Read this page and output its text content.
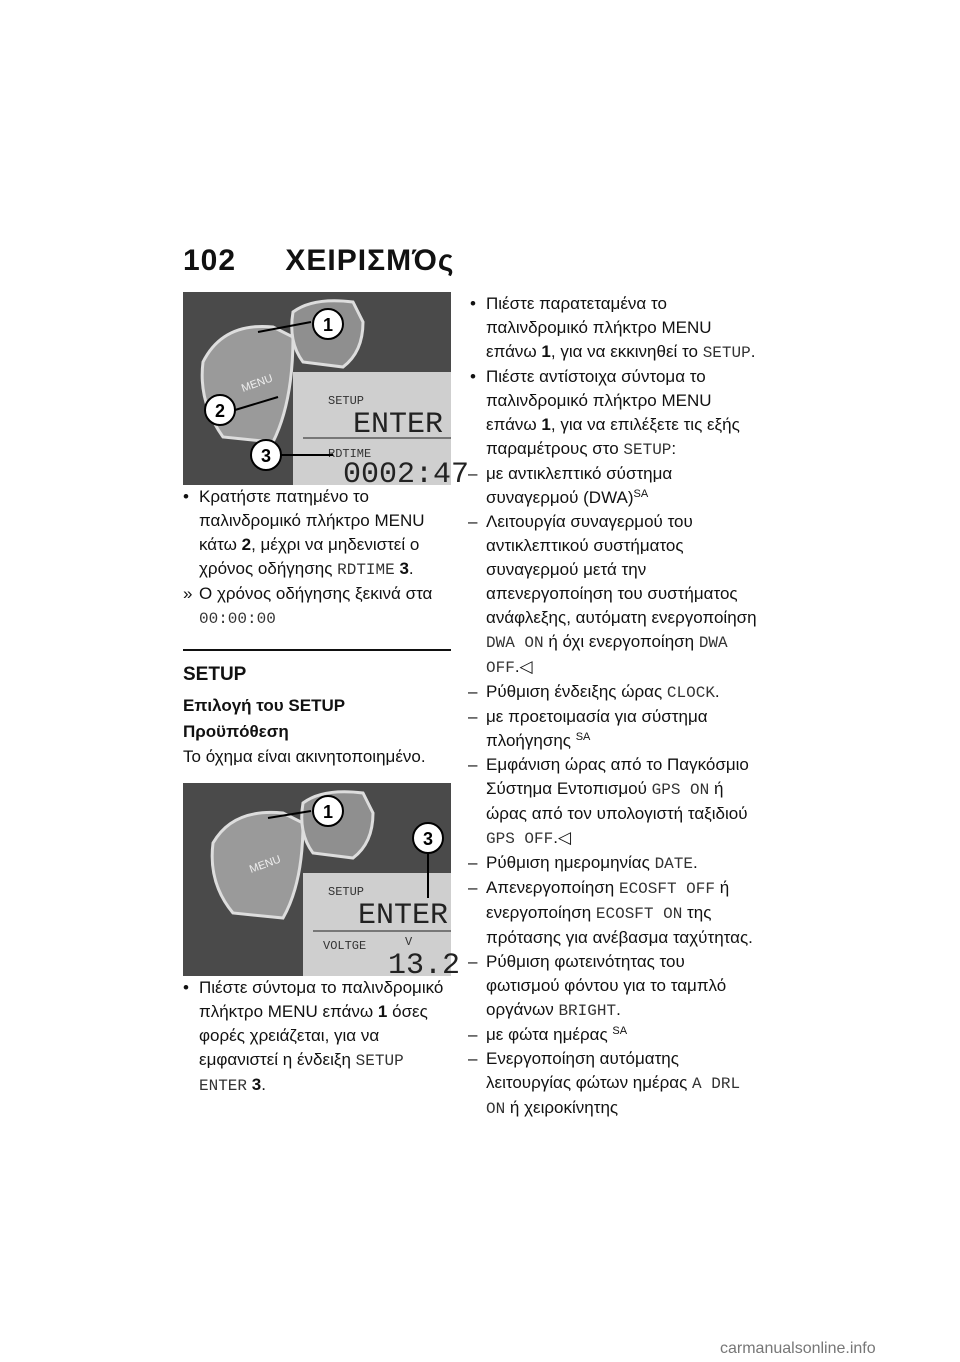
102 ΧΕΙΡΙΣΜΌς
MENU
SETUP
ENTER
RDTIME
0002:47
1
2
3
• Κρατήστε πατημένο το παλινδρομικό πλήκτρο MENU κάτω 2, μέχρι να μηδενιστεί ο χρόνος οδήγησης RDTIME 3.
» Ο χρόνος οδήγησης ξεκινά στα 00:00:00
SETUP
Επιλογή του SETUP
Προϋπόθεση
Το όχημα είναι ακινητοποιημένο.
MENU
SETUP
ENTER
VOLTGE	V
13.2
1
3
• Πιέστε σύντομα το παλινδρομικό πλήκτρο MENU επάνω 1 όσες φορές χρειάζεται, για να εμφανιστεί η ένδειξη SETUP ENTER 3.
• Πιέστε παρατεταμένα το παλινδρομικό πλήκτρο MENU επάνω 1, για να εκκινηθεί το SETUP.
• Πιέστε αντίστοιχα σύντομα το παλινδρομικό πλήκτρο MENU επάνω 1, για να επιλέξετε τις εξής παραμέτρους στο SETUP:
– με αντικλεπτικό σύστημα συναγερμού (DWA)$^{SA}$
– Λειτουργία συναγερμού του αντικλεπτικού συστήματος συναγερμού μετά την απενεργοποίηση του συστήματος ανάφλεξης, αυτόματη ενεργοποίηση DWA ON ή όχι ενεργοποίηση DWA OFF.◁
– Ρύθμιση ένδειξης ώρας CLOCK.
– με προετοιμασία για σύστημα πλοήγησης $^{SA}$
– Εμφάνιση ώρας από το Παγκόσμιο Σύστημα Εντοπισμού GPS ON ή ώρας από τον υπολογιστή ταξιδιού GPS OFF.◁
– Ρύθμιση ημερομηνίας DATE.
– Απενεργοποίηση ECOSFT OFF ή ενεργοποίηση ECOSFT ON της πρότασης για ανέβασμα ταχύτητας.
– Ρύθμιση φωτεινότητας του φωτισμού φόντου για το ταμπλό οργάνων BRIGHT.
– με φώτα ημέρας $^{SA}$
– Ενεργοποίηση αυτόματης λειτουργίας φώτων ημέρας A DRL ON ή χειροκίνητης
carmanualsonline.info
